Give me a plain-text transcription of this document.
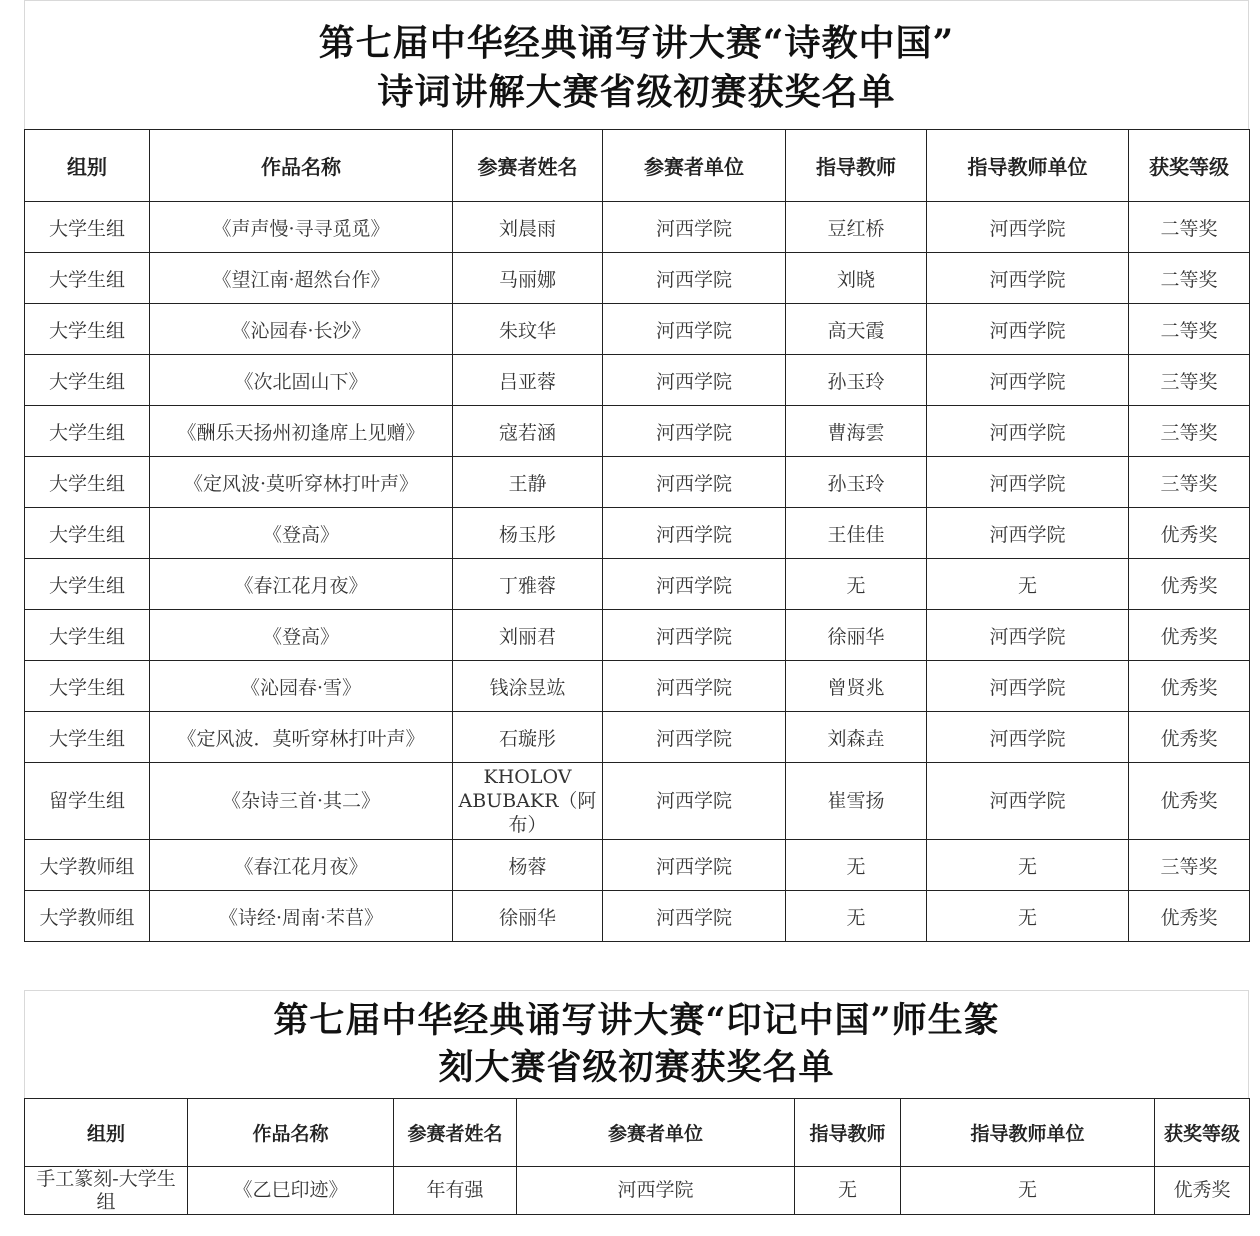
第七届中华经典诵写讲大赛“诗教中国”
诗词讲解大赛省级初赛获奖名单
组别	作品名称	参赛者姓名	参赛者单位	指导教师	指导教师单位	获奖等级
大学生组	《声声慢·寻寻觅觅》	刘晨雨	河西学院	豆红桥	河西学院	二等奖
大学生组	《望江南·超然台作》	马丽娜	河西学院	刘晓	河西学院	二等奖
大学生组	《沁园春·长沙》	朱玟华	河西学院	高天霞	河西学院	二等奖
大学生组	《次北固山下》	吕亚蓉	河西学院	孙玉玲	河西学院	三等奖
大学生组	《酬乐天扬州初逢席上见赠》	寇若涵	河西学院	曹海雲	河西学院	三等奖
大学生组	《定风波·莫听穿林打叶声》	王静	河西学院	孙玉玲	河西学院	三等奖
大学生组	《登高》	杨玉彤	河西学院	王佳佳	河西学院	优秀奖
大学生组	《春江花月夜》	丁雅蓉	河西学院	无	无	优秀奖
大学生组	《登高》	刘丽君	河西学院	徐丽华	河西学院	优秀奖
大学生组	《沁园春·雪》	钱涂昱竑	河西学院	曾贤兆	河西学院	优秀奖
大学生组	《定风波．莫听穿林打叶声》	石璇彤	河西学院	刘森垚	河西学院	优秀奖
留学生组	《杂诗三首·其二》	KHOLOV ABUBAKR（阿布）	河西学院	崔雪扬	河西学院	优秀奖
大学教师组	《春江花月夜》	杨蓉	河西学院	无	无	三等奖
大学教师组	《诗经·周南·芣苢》	徐丽华	河西学院	无	无	优秀奖
第七届中华经典诵写讲大赛“印记中国”师生篆
刻大赛省级初赛获奖名单
组别	作品名称	参赛者姓名	参赛者单位	指导教师	指导教师单位	获奖等级
手工篆刻-大学生组	《乙巳印迹》	年有强	河西学院	无	无	优秀奖
